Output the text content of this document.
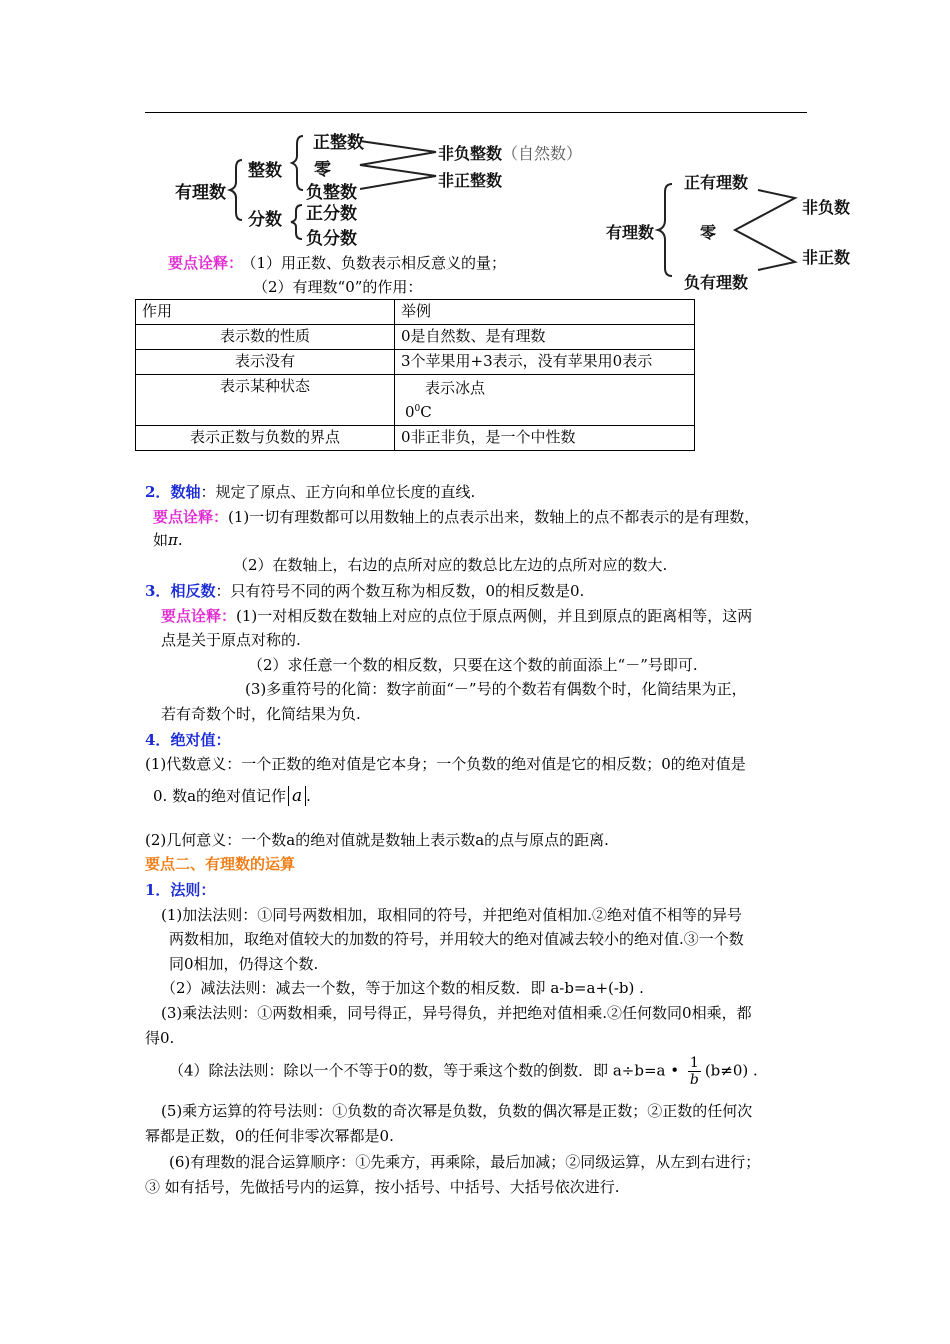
有理数
整数
分数
正整数
零
负整数
正分数
负分数
非负整数（自然数）
非正整数
有理数
正有理数
零
负有理数
非负数
非正数
要点诠释： （1）用正数、负数表示相反意义的量；
（2）有理数“0”的作用：
作用	举例
表示数的性质	0是自然数、是有理数
表示没有	3个苹果用+3表示，没有苹果用0表示
表示某种状态	表示冰点
$0^0C$

表示正数与负数的界点	0非正非负，是一个中性数
2．数轴：规定了原点、正方向和单位长度的直线.
要点诠释：(1)一切有理数都可以用数轴上的点表示出来，数轴上的点不都表示的是有理数，
如π.
（2）在数轴上，右边的点所对应的数总比左边的点所对应的数大.
3．相反数：只有符号不同的两个数互称为相反数，0的相反数是0.
要点诠释：(1)一对相反数在数轴上对应的点位于原点两侧，并且到原点的距离相等，这两
点是关于原点对称的.
（2）求任意一个数的相反数，只要在这个数的前面添上“－”号即可.
(3)多重符号的化简：数字前面“－”号的个数若有偶数个时，化简结果为正，
若有奇数个时，化简结果为负.
4．绝对值：
(1)代数意义：一个正数的绝对值是它本身；一个负数的绝对值是它的相反数；0的绝对值是
0. 数a的绝对值记作 a .
(2)几何意义：一个数a的绝对值就是数轴上表示数a的点与原点的距离.
要点二、有理数的运算
1．法则：
(1)加法法则：①同号两数相加，取相同的符号，并把绝对值相加.②绝对值不相等的异号
两数相加，取绝对值较大的加数的符号，并用较大的绝对值减去较小的绝对值.③一个数
同0相加，仍得这个数.
（2）减法法则：减去一个数，等于加这个数的相反数．即 a-b=a+(-b) .
(3)乘法法则：①两数相乘，同号得正，异号得负，并把绝对值相乘.②任何数同0相乘，都
得0.
（4）除法法则：除以一个不等于0的数，等于乘这个数的倒数．即 a÷b=a • $\frac{1}{b} (b\ne 0)$ .
(5)乘方运算的符号法则：①负数的奇次幂是负数，负数的偶次幂是正数；②正数的任何次
幂都是正数，0的任何非零次幂都是0.
(6)有理数的混合运算顺序：①先乘方，再乘除，最后加减；②同级运算，从左到右进行；
③ 如有括号，先做括号内的运算，按小括号、中括号、大括号依次进行.
